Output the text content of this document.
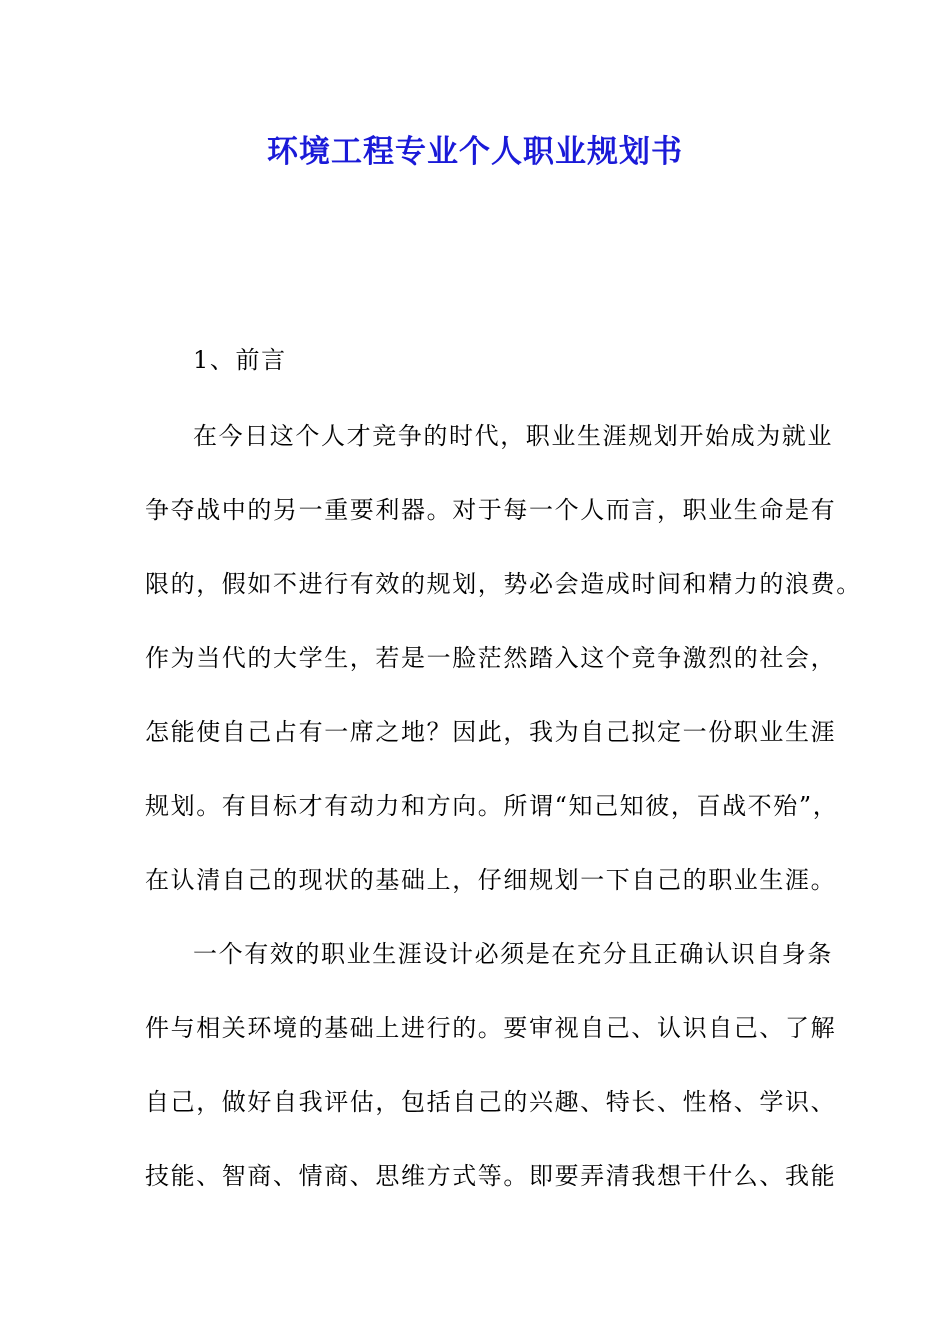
环境工程专业个人职业规划书
1、前言
在今日这个人才竞争的时代，职业生涯规划开始成为就业
争夺战中的另一重要利器。对于每一个人而言，职业生命是有
限的，假如不进行有效的规划，势必会造成时间和精力的浪费。
作为当代的大学生，若是一脸茫然踏入这个竞争激烈的社会，
怎能使自己占有一席之地？因此，我为自己拟定一份职业生涯
规划。有目标才有动力和方向。所谓“知己知彼，百战不殆”，
在认清自己的现状的基础上，仔细规划一下自己的职业生涯。
一个有效的职业生涯设计必须是在充分且正确认识自身条
件与相关环境的基础上进行的。要审视自己、认识自己、了解
自己，做好自我评估，包括自己的兴趣、特长、性格、学识、
技能、智商、情商、思维方式等。即要弄清我想干什么、我能
